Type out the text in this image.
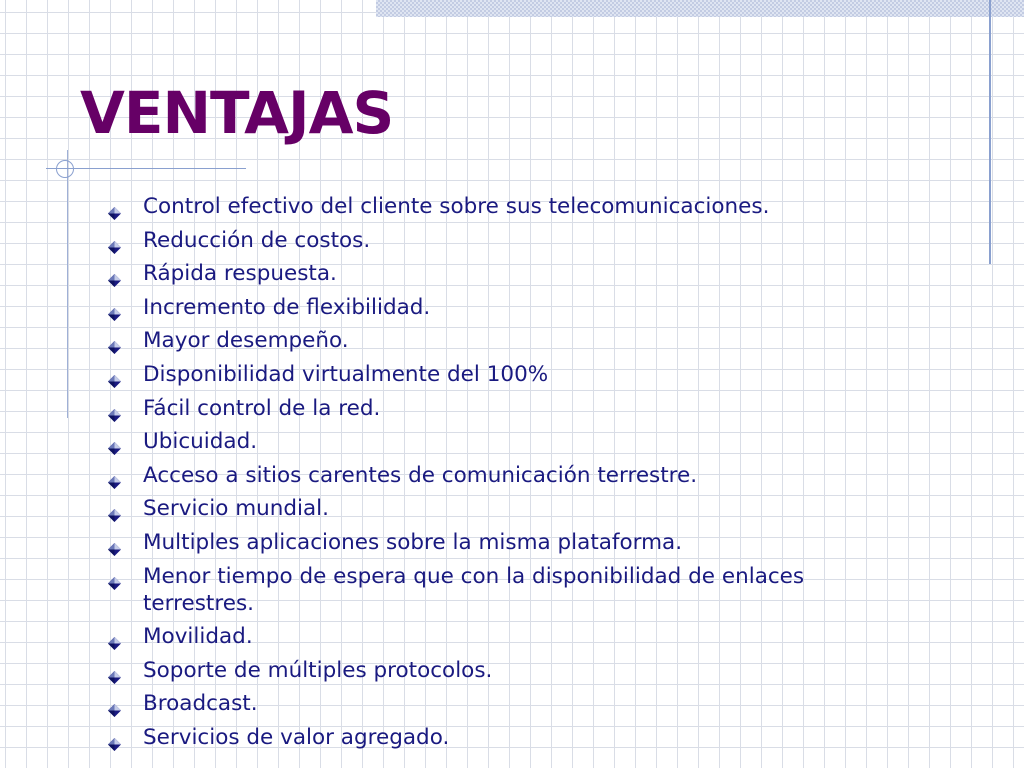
VENTAJAS
Control efectivo del cliente sobre sus telecomunicaciones.
Reducción de costos.
Rápida respuesta.
Incremento de flexibilidad.
Mayor desempeño.
Disponibilidad virtualmente del 100%
Fácil control de la red.
Ubicuidad.
Acceso a sitios carentes de comunicación terrestre.
Servicio mundial.
Multiples aplicaciones sobre la misma plataforma.
Menor tiempo de espera que con la disponibilidad de enlaces terrestres.
Movilidad.
Soporte de múltiples protocolos.
Broadcast.
Servicios de valor agregado.
